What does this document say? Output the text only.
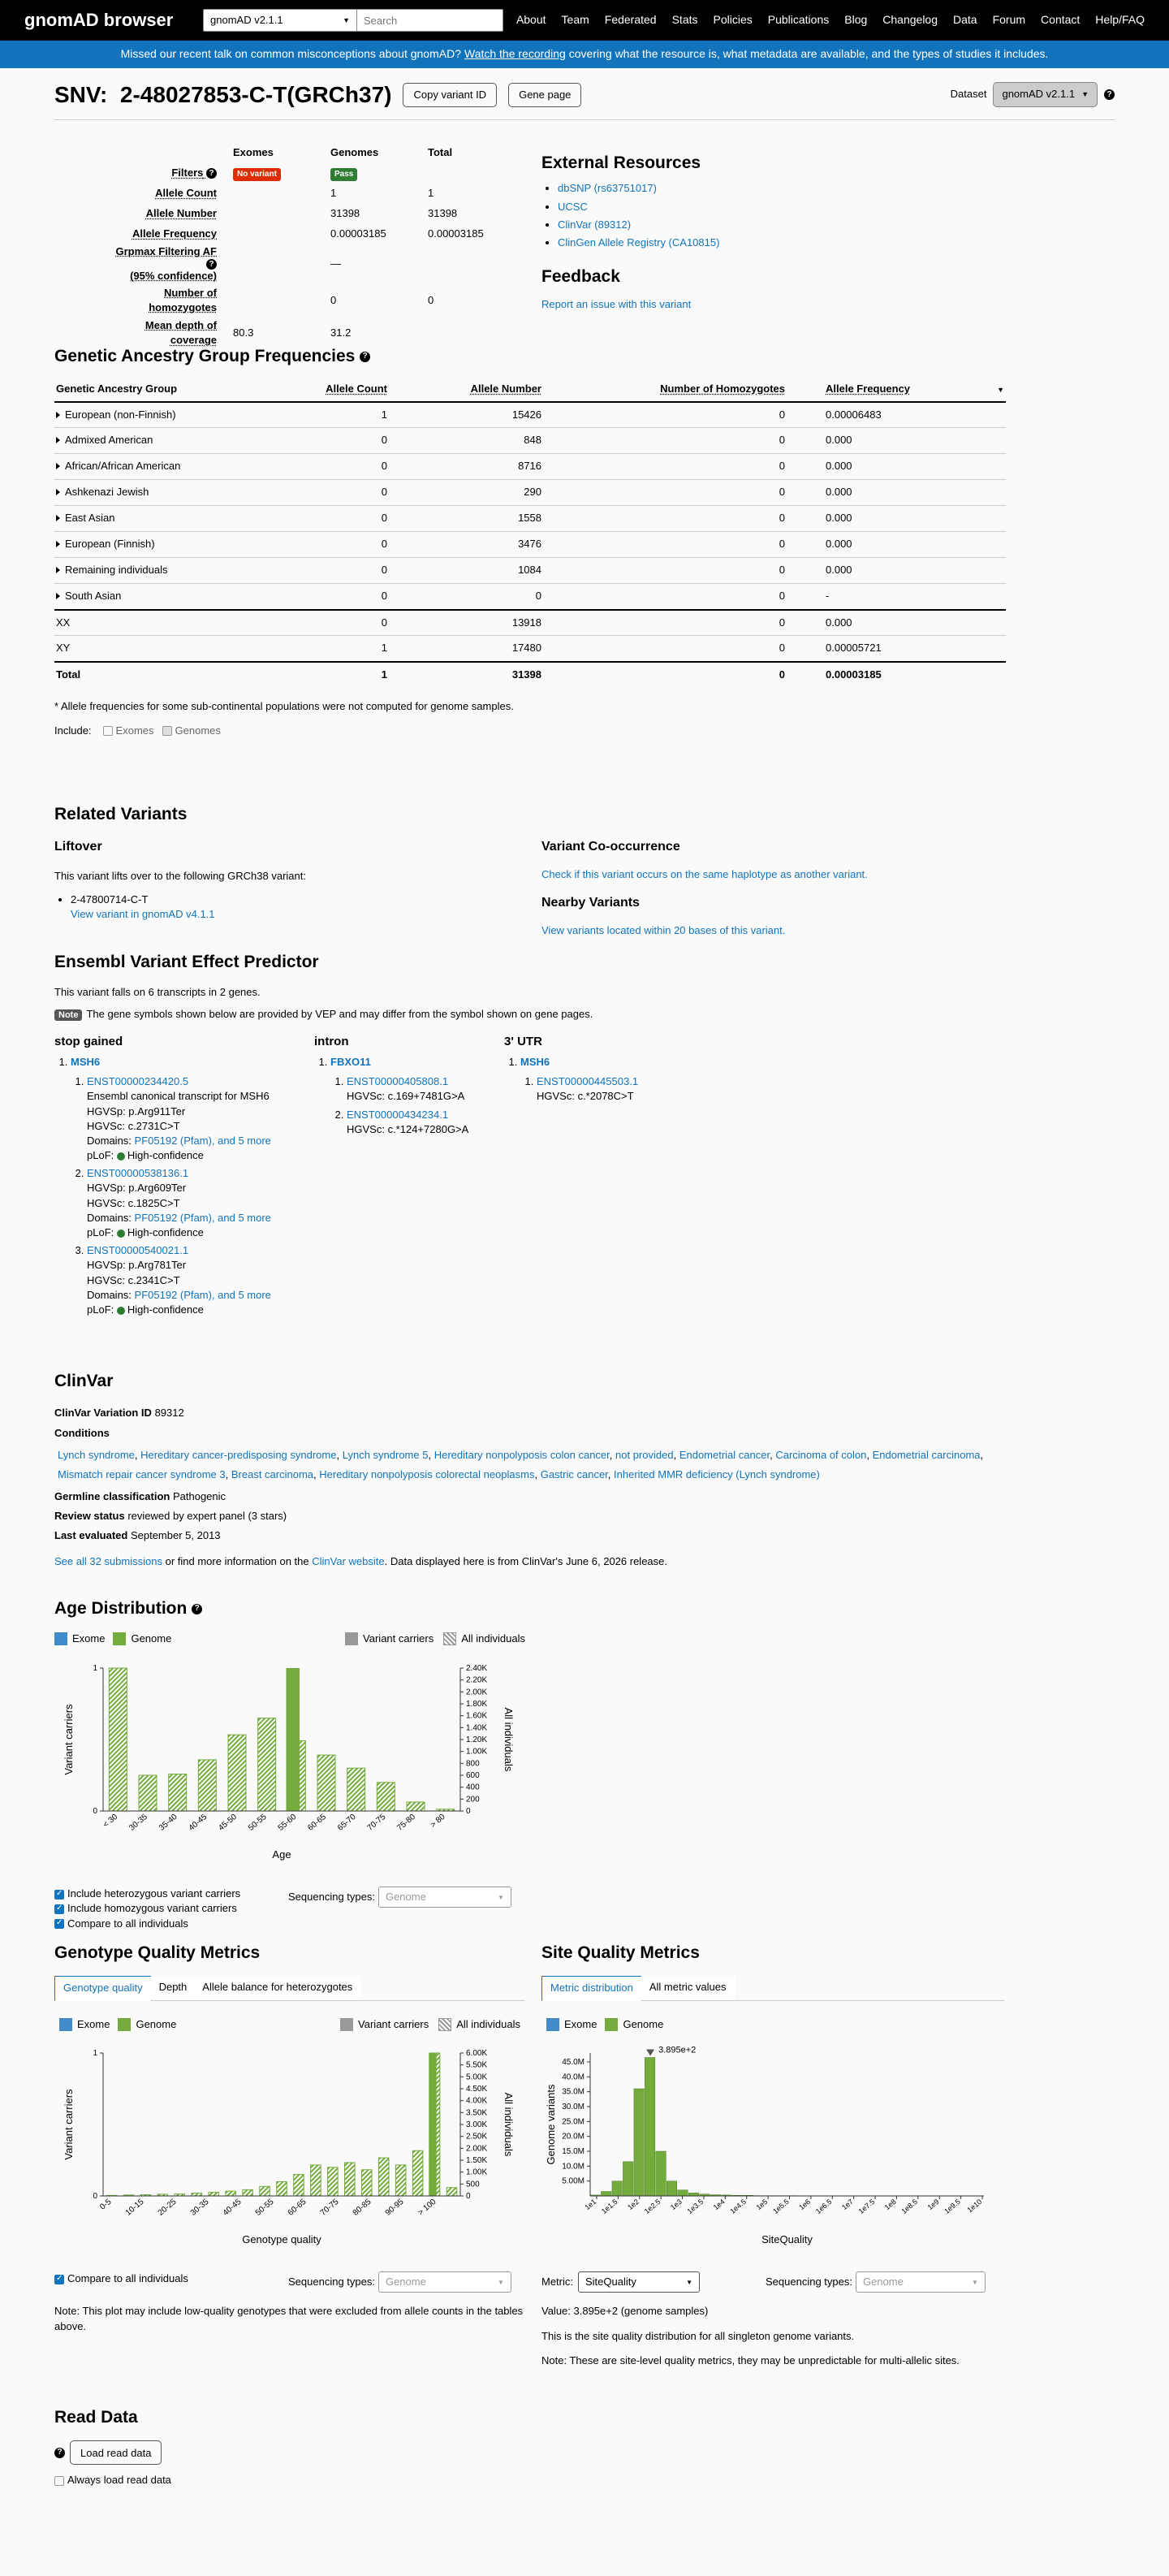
gnomAD browser	gnomAD v2.1.1	▼
Search	About Team Federated Stats Policies Publications Blog Changelog Data Forum Contact Help/FAQ
Missed our recent talk on common misconceptions about gnomAD? Watch the recording covering what the resource is, what metadata are available, and the types of studies it includes.
SNV:  2-48027853-C-T(GRCh37)	Copy variant ID	Gene page	Dataset gnomAD v2.1.1 ▼	?
	Exomes	Genomes	Total
Filters ?	No variant	Pass	
Allele Count		1	1
Allele Number		31398	31398
Allele Frequency		0.00003185	0.00003185
Grpmax Filtering AF ?
(95% confidence)		—	
Number of homozygotes		0	0
Mean depth of coverage	80.3	31.2	
External Resources
• dbSNP (rs63751017)
• UCSC
• ClinVar (89312)
• ClinGen Allele Registry (CA10815)
Feedback
Report an issue with this variant
Genetic Ancestry Group Frequencies ?
Genetic Ancestry Group	Allele Count	Allele Number	Number of Homozygotes	Allele Frequency ▼

European (non-Finnish)	1	15426	0	0.00006483
Admixed American	0	848	0	0.000
African/African American	0	8716	0	0.000
Ashkenazi Jewish	0	290	0	0.000
East Asian	0	1558	0	0.000
European (Finnish)	0	3476	0	0.000
Remaining individuals	0	1084	0	0.000
South Asian	0	0	0	-
XX	0	13918	0	0.000
XY	1	17480	0	0.00005721
Total	1	31398	0	0.00003185
* Allele frequencies for some sub-continental populations were not computed for genome samples.
Include: Exomes Genomes
Related Variants
Liftover
This variant lifts over to the following GRCh38 variant:
• 2-47800714-C-T
View variant in gnomAD v4.1.1
Variant Co-occurrence
Check if this variant occurs on the same haplotype as another variant.
Nearby Variants
View variants located within 20 bases of this variant.
Ensembl Variant Effect Predictor
This variant falls on 6 transcripts in 2 genes.
Note The gene symbols shown below are provided by VEP and may differ from the symbol shown on gene pages.
stop gained
1. MSH6
1. ENST00000234420.5
Ensembl canonical transcript for MSH6
HGVSp: p.Arg911Ter
HGVSc: c.2731C>T
Domains: PF05192 (Pfam), and 5 more
pLoF: High-confidence
2. ENST00000538136.1
HGVSp: p.Arg609Ter
HGVSc: c.1825C>T
Domains: PF05192 (Pfam), and 5 more
pLoF: High-confidence
3. ENST00000540021.1
HGVSp: p.Arg781Ter
HGVSc: c.2341C>T
Domains: PF05192 (Pfam), and 5 more
pLoF: High-confidence
intron
1. FBXO11
1. ENST00000405808.1
HGVSc: c.169+7481G>A
2. ENST00000434234.1
HGVSc: c.*124+7280G>A
3' UTR
1. MSH6
1. ENST00000445503.1
HGVSc: c.*2078C>T
ClinVar
ClinVar Variation ID 89312
Conditions
Lynch syndrome, Hereditary cancer-predisposing syndrome, Lynch syndrome 5, Hereditary nonpolyposis colon cancer, not provided, Endometrial cancer, Carcinoma of colon, Endometrial carcinoma, Mismatch repair cancer syndrome 3, Breast carcinoma, Hereditary nonpolyposis colorectal neoplasms, Gastric cancer, Inherited MMR deficiency (Lynch syndrome)
Germline classification Pathogenic
Review status reviewed by expert panel (3 stars)
Last evaluated September 5, 2013
See all 32 submissions or find more information on the ClinVar website. Data displayed here is from ClinVar's June 6, 2026 release.
Age Distribution ?
Exome Genome	Variant carriers	All individuals
0
1
0
200
400
600
800
1.00K
1.20K
1.40K
1.60K
1.80K
2.00K
2.20K
2.40K
< 30 30-35 35-40 40-45 45-50 50-55 55-60 60-65 65-70 70-75 75-80 > 80
Age
Variant carriers	All individuals
✓Include heterozygous variant carriers
✓Include homozygous variant carriers
✓Compare to all individuals
Sequencing types: Genome	▼
Genotype Quality Metrics
Genotype quality	Depth	Allele balance for heterozygotes
Exome Genome	Variant carriers	All individuals
0
1
0
500
1.00K
1.50K
2.00K
2.50K
3.00K
3.50K
4.00K
4.50K
5.00K
5.50K
6.00K
0-5 10-15 20-25 30-35 40-45 50-55 60-65 70-75 80-85 90-95 > 100
Genotype quality
Variant carriers	All individuals
✓Compare to all individuals	Sequencing types: Genome	▼
Note: This plot may include low-quality genotypes that were excluded from allele counts in the tables above.
Site Quality Metrics
Metric distribution	All metric values
Exome Genome
3.895e+2
5.00M
10.0M
15.0M
20.0M
25.0M
30.0M
35.0M
40.0M
45.0M
1e1 1e1.5 1e2 1e2.5 1e3 1e3.5 1e4 1e4.5 1e5 1e5.5 1e6 1e6.5 1e7 1e7.5 1e8 1e8.5 1e9 1e9.5 1e10
SiteQuality
Genome variants
Metric: SiteQuality	▼	Sequencing types: Genome	▼
Value: 3.895e+2 (genome samples)
This is the site quality distribution for all singleton genome variants.
Note: These are site-level quality metrics, they may be unpredictable for multi-allelic sites.
Read Data
?	Load read data
Always load read data
